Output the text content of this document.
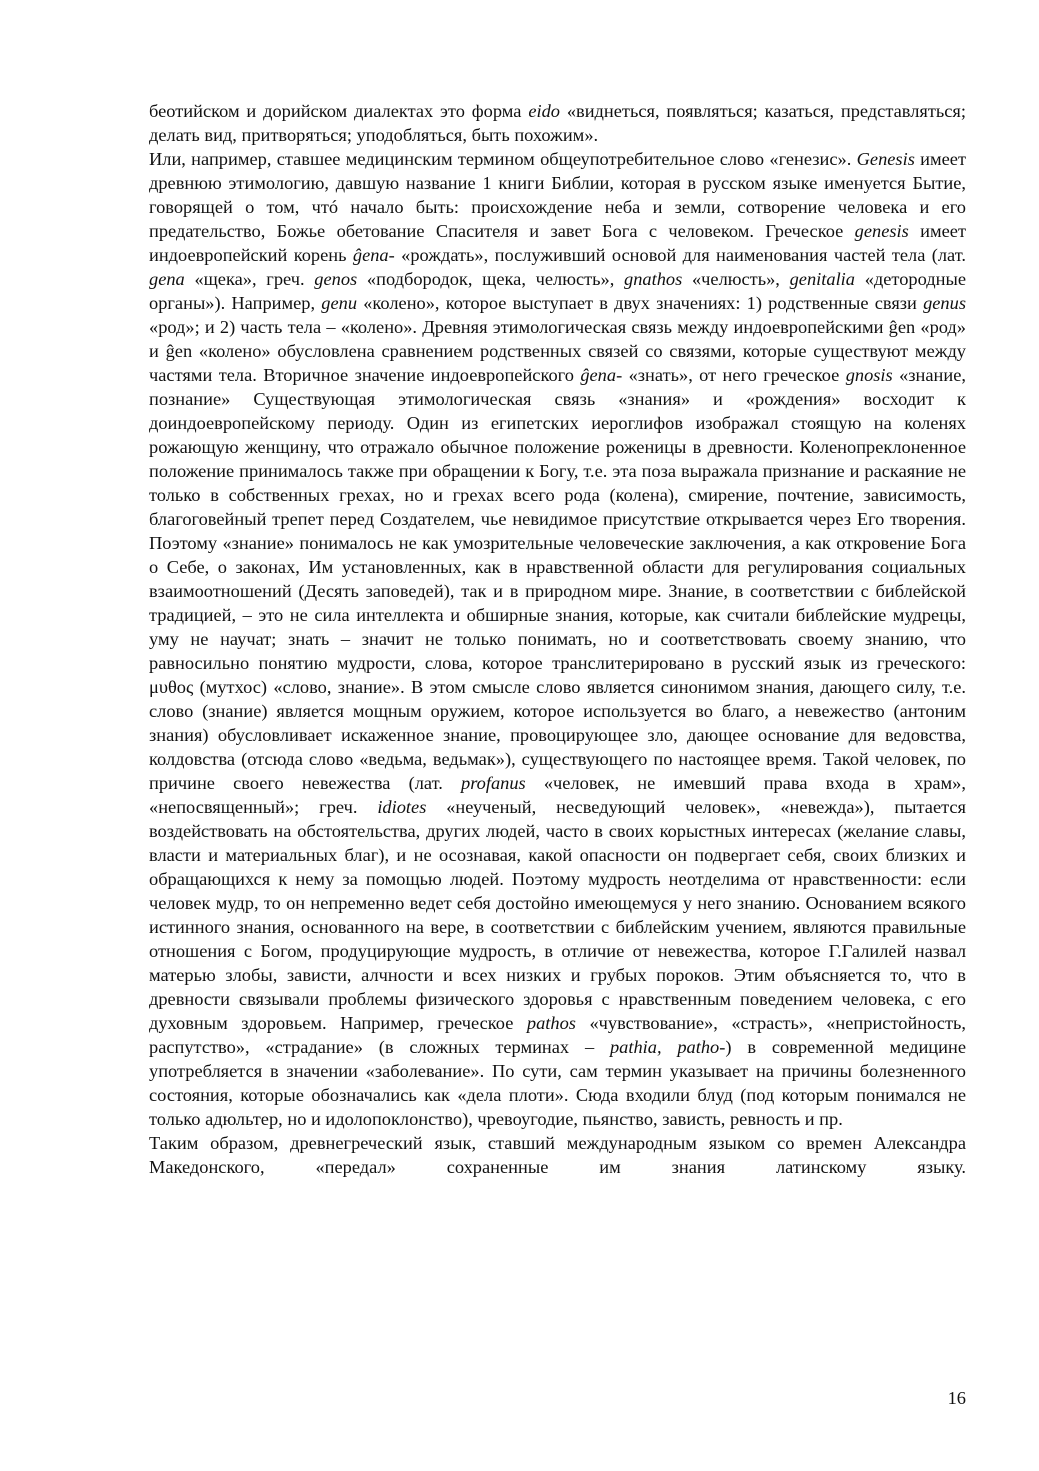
беотийском и дорийском диалектах это форма eido «виднеться, появляться; казаться, представляться; делать вид, притворяться; уподобляться, быть похожим».

Или, например, ставшее медицинским термином общеупотребительное слово «генезис». Genesis имеет древнюю этимологию, давшую название 1 книги Библии, которая в русском языке именуется Бытие, говорящей о том, чтó начало быть: происхождение неба и земли, сотворение человека и его предательство, Божье обетование Спасителя и завет Бога с человеком. Греческое genesis имеет индоевропейский корень ĝena- «рождать», послуживший основой для наименования частей тела (лат. gena «щека», греч. genos «подбородок, щека, челюсть», gnathos «челюсть», genitalia «детородные органы»). Например, genu «колено», которое выступает в двух значениях: 1) родственные связи genus «род»; и 2) часть тела – «колено». Древняя этимологическая связь между индоевропейскими ĝen «род» и ĝen «колено» обусловлена сравнением родственных связей со связями, которые существуют между частями тела. Вторичное значение индоевропейского ĝena- «знать», от него греческое gnosis «знание, познание» Существующая этимологическая связь «знания» и «рождения» восходит к доиндоевропейскому периоду. Один из египетских иероглифов изображал стоящую на коленях рожающую женщину, что отражало обычное положение роженицы в древности. Коленопреклоненное положение принималось также при обращении к Богу, т.е. эта поза выражала признание и раскаяние не только в собственных грехах, но и грехах всего рода (колена), смирение, почтение, зависимость, благоговейный трепет перед Создателем, чье невидимое присутствие открывается через Его творения. Поэтому «знание» понималось не как умозрительные человеческие заключения, а как откровение Бога о Себе, о законах, Им установленных, как в нравственной области для регулирования социальных взаимоотношений (Десять заповедей), так и в природном мире. Знание, в соответствии с библейской традицией, – это не сила интеллекта и обширные знания, которые, как считали библейские мудрецы, уму не научат; знать – значит не только понимать, но и соответствовать своему знанию, что равносильно понятию мудрости, слова, которое транслитерировано в русский язык из греческого: μυθος (мутхос) «слово, знание». В этом смысле слово является синонимом знания, дающего силу, т.е. слово (знание) является мощным оружием, которое используется во благо, а невежество (антоним знания) обусловливает искаженное знание, провоцирующее зло, дающее основание для ведовства, колдовства (отсюда слово «ведьма, ведьмак»), существующего по настоящее время. Такой человек, по причине своего невежества (лат. profanus «человек, не имевший права входа в храм», «непосвященный»; греч. idiotes «неученый, несведующий человек», «невежда»), пытается воздействовать на обстоятельства, других людей, часто в своих корыстных интересах (желание славы, власти и материальных благ), и не осознавая, какой опасности он подвергает себя, своих близких и обращающихся к нему за помощью людей. Поэтому мудрость неотделима от нравственности: если человек мудр, то он непременно ведет себя достойно имеющемуся у него знанию. Основанием всякого истинного знания, основанного на вере, в соответствии с библейским учением, являются правильные отношения с Богом, продуцирующие мудрость, в отличие от невежества, которое Г.Галилей назвал матерью злобы, зависти, алчности и всех низких и грубых пороков. Этим объясняется то, что в древности связывали проблемы физического здоровья с нравственным поведением человека, с его духовным здоровьем. Например, греческое pathos «чувствование», «страсть», «непристойность, распутство», «страдание» (в сложных терминах – pathia, patho-) в современной медицине употребляется в значении «заболевание». По сути, сам термин указывает на причины болезненного состояния, которые обозначались как «дела плоти». Сюда входили блуд (под которым понимался не только адюльтер, но и идолопоклонство), чревоугодие, пьянство, зависть, ревность и пр.

Таким образом, древнегреческий язык, ставший международным языком со времен Александра Македонского, «передал» сохраненные им знания латинскому языку.

16
